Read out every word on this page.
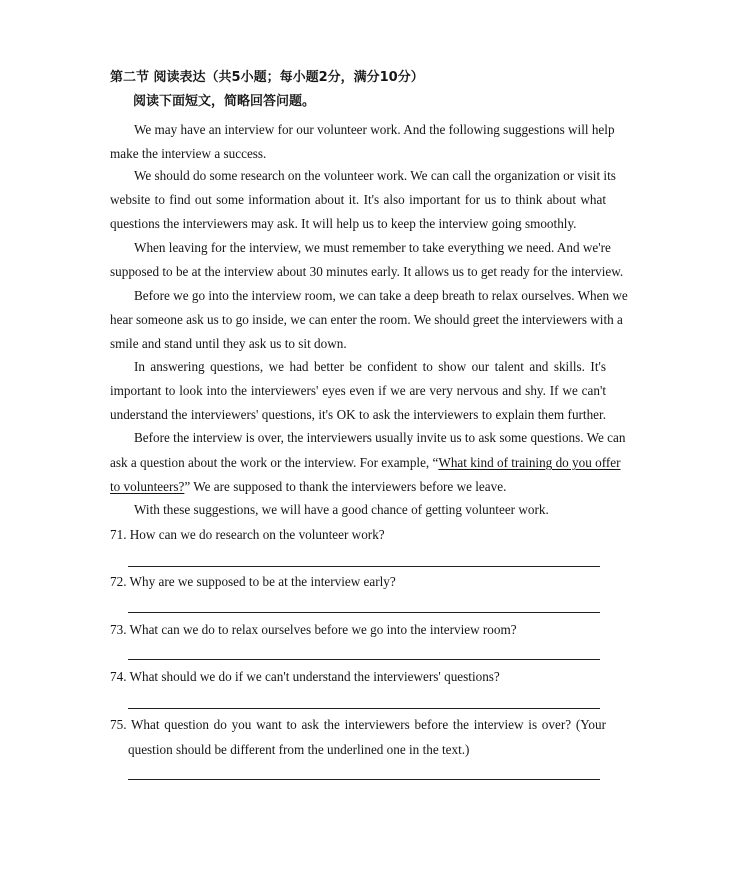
第二节 阅读表达（共5小题；每小题2分，满分10分）
阅读下面短文，简略回答问题。
We may have an interview for our volunteer work. And the following suggestions will help
make the interview a success.
We should do some research on the volunteer work. We can call the organization or visit its
website to find out some information about it. It's also important for us to think about what
questions the interviewers may ask. It will help us to keep the interview going smoothly.
When leaving for the interview, we must remember to take everything we need. And we're
supposed to be at the interview about 30 minutes early. It allows us to get ready for the interview.
Before we go into the interview room, we can take a deep breath to relax ourselves. When we
hear someone ask us to go inside, we can enter the room. We should greet the interviewers with a
smile and stand until they ask us to sit down.
In answering questions, we had better be confident to show our talent and skills. It's
important to look into the interviewers' eyes even if we are very nervous and shy. If we can't
understand the interviewers' questions, it's OK to ask the interviewers to explain them further.
Before the interview is over, the interviewers usually invite us to ask some questions. We can
ask a question about the work or the interview. For example, “What kind of training do you offer
to volunteers?” We are supposed to thank the interviewers before we leave.
With these suggestions, we will have a good chance of getting volunteer work.
71. How can we do research on the volunteer work?
72. Why are we supposed to be at the interview early?
73. What can we do to relax ourselves before we go into the interview room?
74. What should we do if we can't understand the interviewers' questions?
75. What question do you want to ask the interviewers before the interview is over? (Your
question should be different from the underlined one in the text.)
